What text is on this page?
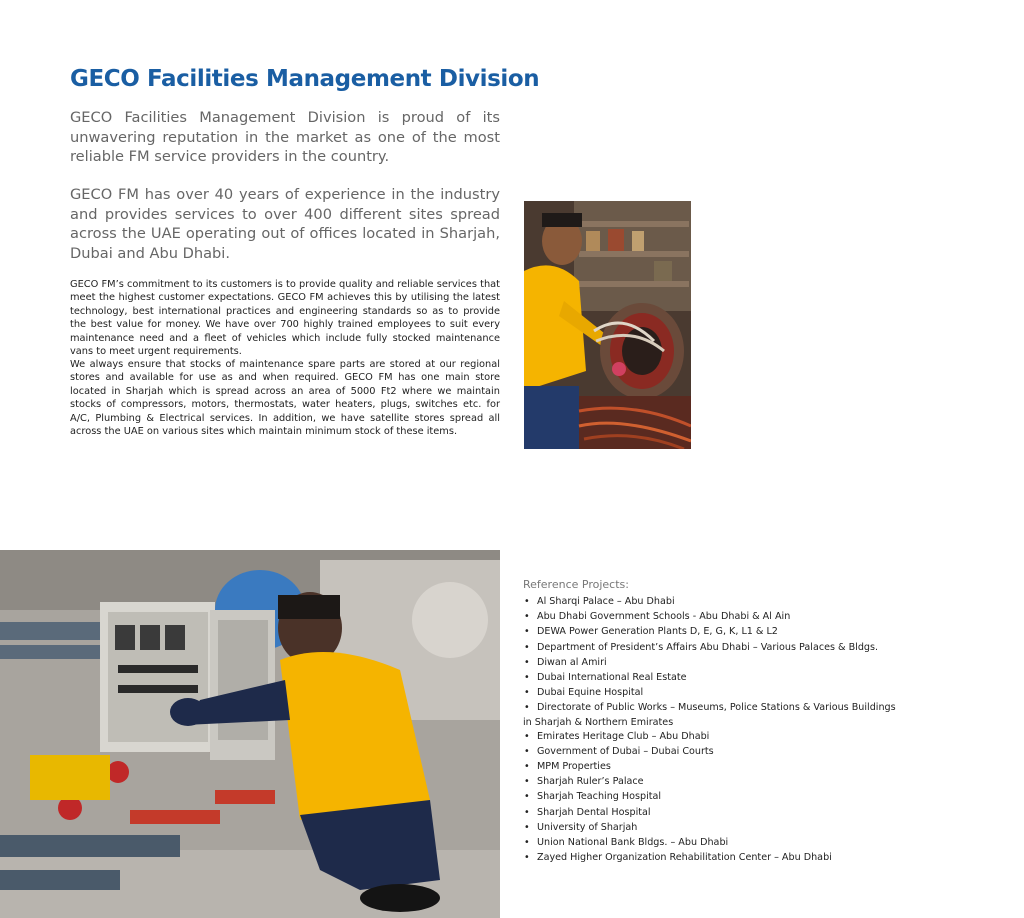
GECO Facilities Management Division

GECO Facilities Management Division is proud of its unwavering reputation in the market as one of the most reliable FM service providers in the country.

GECO FM has over 40 years of experience in the industry and provides services to over 400 different sites spread across the UAE operating out of offices located in Sharjah, Dubai and Abu Dhabi.

GECO FM’s commitment to its customers is to provide quality and reliable services that meet the highest customer expectations. GECO FM achieves this by utilising the latest technology, best international practices and engineering standards so as to provide the best value for money. We have over 700 highly trained employees to suit every maintenance need and a fleet of vehicles which include fully stocked maintenance vans to meet urgent requirements.

We always ensure that stocks of maintenance spare parts are stored at our regional stores and available for use as and when required. GECO FM has one main store located in Sharjah which is spread across an area of 5000 Ft2 where we maintain stocks of compressors, motors, thermostats, water heaters, plugs, switches etc. for A/C, Plumbing & Electrical services. In addition, we have satellite stores spread all across the UAE on various sites which maintain minimum stock of these items.

Reference Projects:
• Al Sharqi Palace – Abu Dhabi
• Abu Dhabi Government Schools - Abu Dhabi & Al Ain
• DEWA Power Generation Plants D, E, G, K, L1 & L2
• Department of President’s Affairs Abu Dhabi – Various Palaces & Bldgs.
• Diwan al Amiri
• Dubai International Real Estate
• Dubai Equine Hospital
• Directorate of Public Works – Museums, Police Stations & Various Buildings
in Sharjah & Northern Emirates
• Emirates Heritage Club – Abu Dhabi
• Government of Dubai – Dubai Courts
• MPM Properties
• Sharjah Ruler’s Palace
• Sharjah Teaching Hospital
• Sharjah Dental Hospital
• University of Sharjah
• Union National Bank Bldgs. – Abu Dhabi
• Zayed Higher Organization Rehabilitation Center – Abu Dhabi
